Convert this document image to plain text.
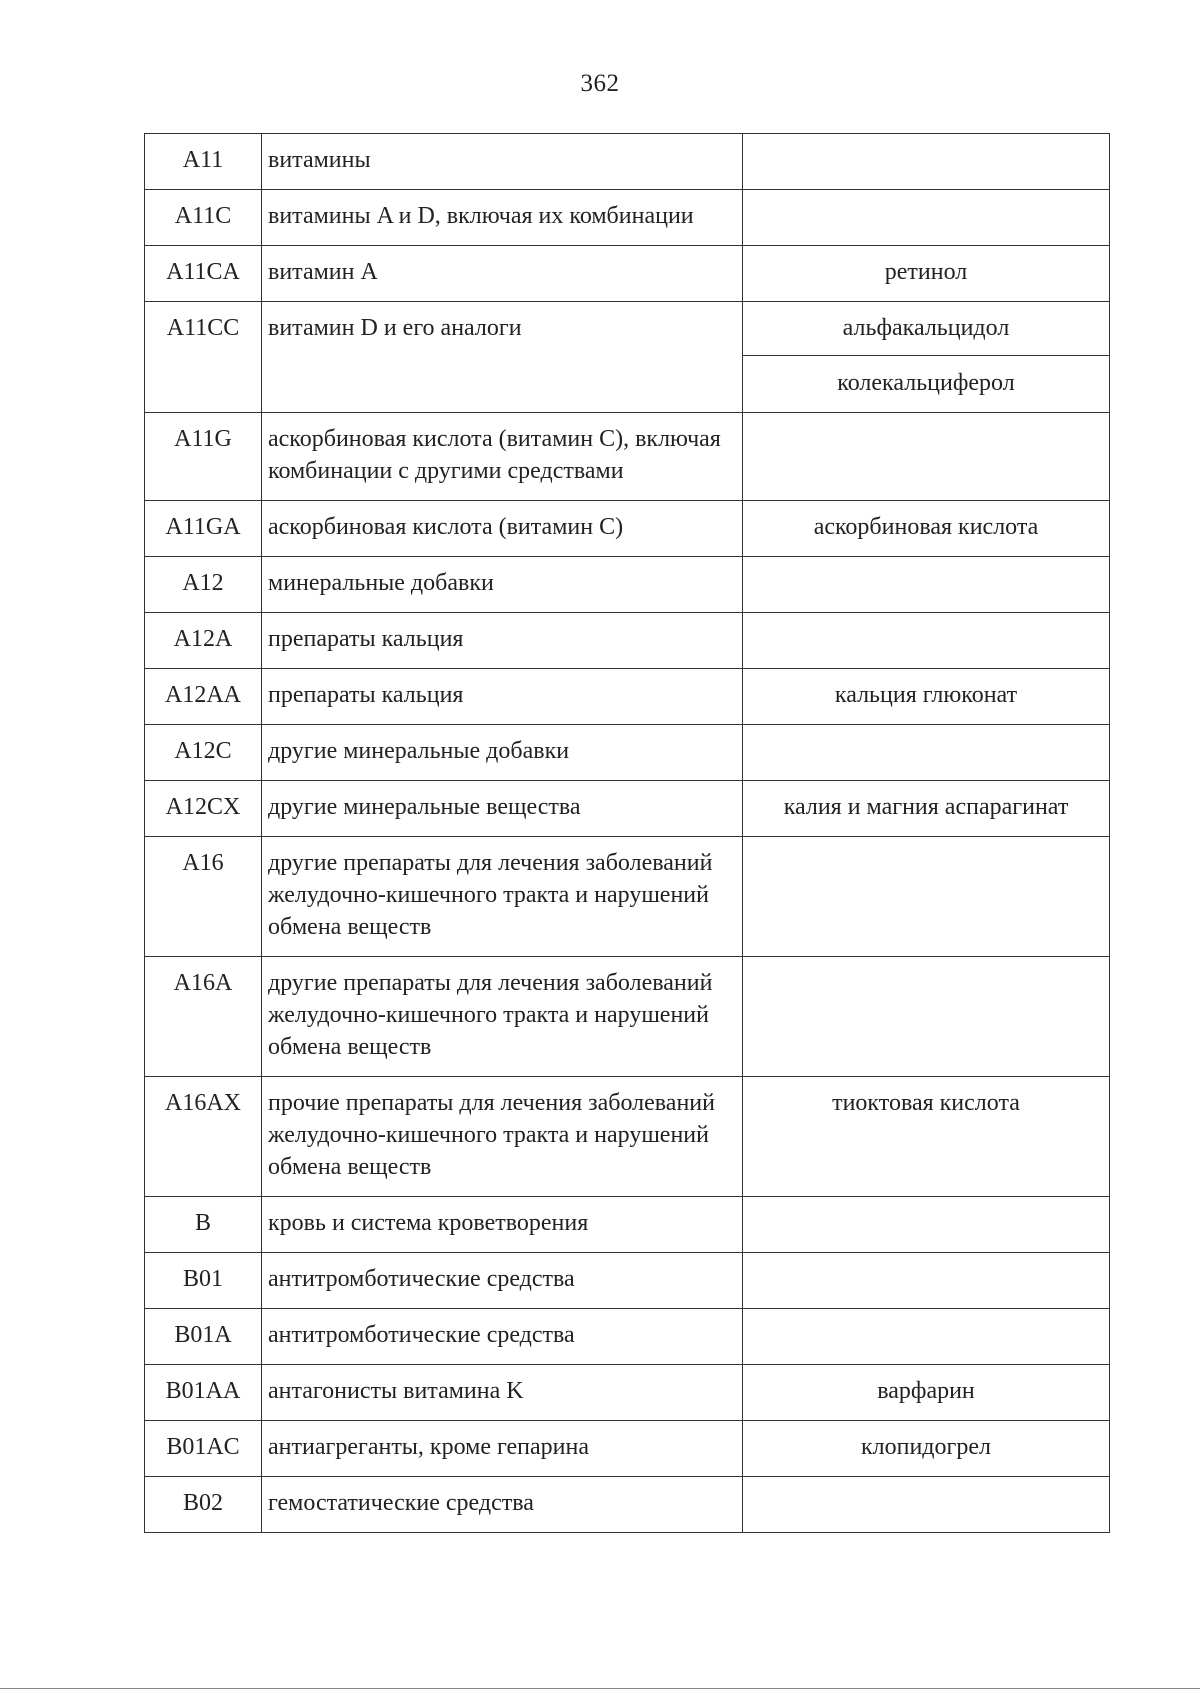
362
A11	витамины	
A11C	витамины A и D, включая их комбинации	
A11CA	витамин A	ретинол

A11CC	витамин D и его аналоги	альфакальцидол
колекальциферол

A11G	аскорбиновая кислота (витамин C), включая комбинации с другими средствами	
A11GA	аскорбиновая кислота (витамин C)	аскорбиновая кислота

A12	минеральные добавки	
A12A	препараты кальция	
A12AA	препараты кальция	кальция глюконат

A12C	другие минеральные добавки	
A12CX	другие минеральные вещества	калия и магния аспарагинат

A16	другие препараты для лечения заболеваний желудочно-кишечного тракта и нарушений обмена веществ	
A16A	другие препараты для лечения заболеваний желудочно-кишечного тракта и нарушений обмена веществ	
A16AX	прочие препараты для лечения заболеваний желудочно-кишечного тракта и нарушений обмена веществ	тиоктовая кислота

B	кровь и система кроветворения	
B01	антитромботические средства	
B01A	антитромботические средства	
B01AA	антагонисты витамина K	варфарин

B01AC	антиагреганты, кроме гепарина	клопидогрел

B02	гемостатические средства	
